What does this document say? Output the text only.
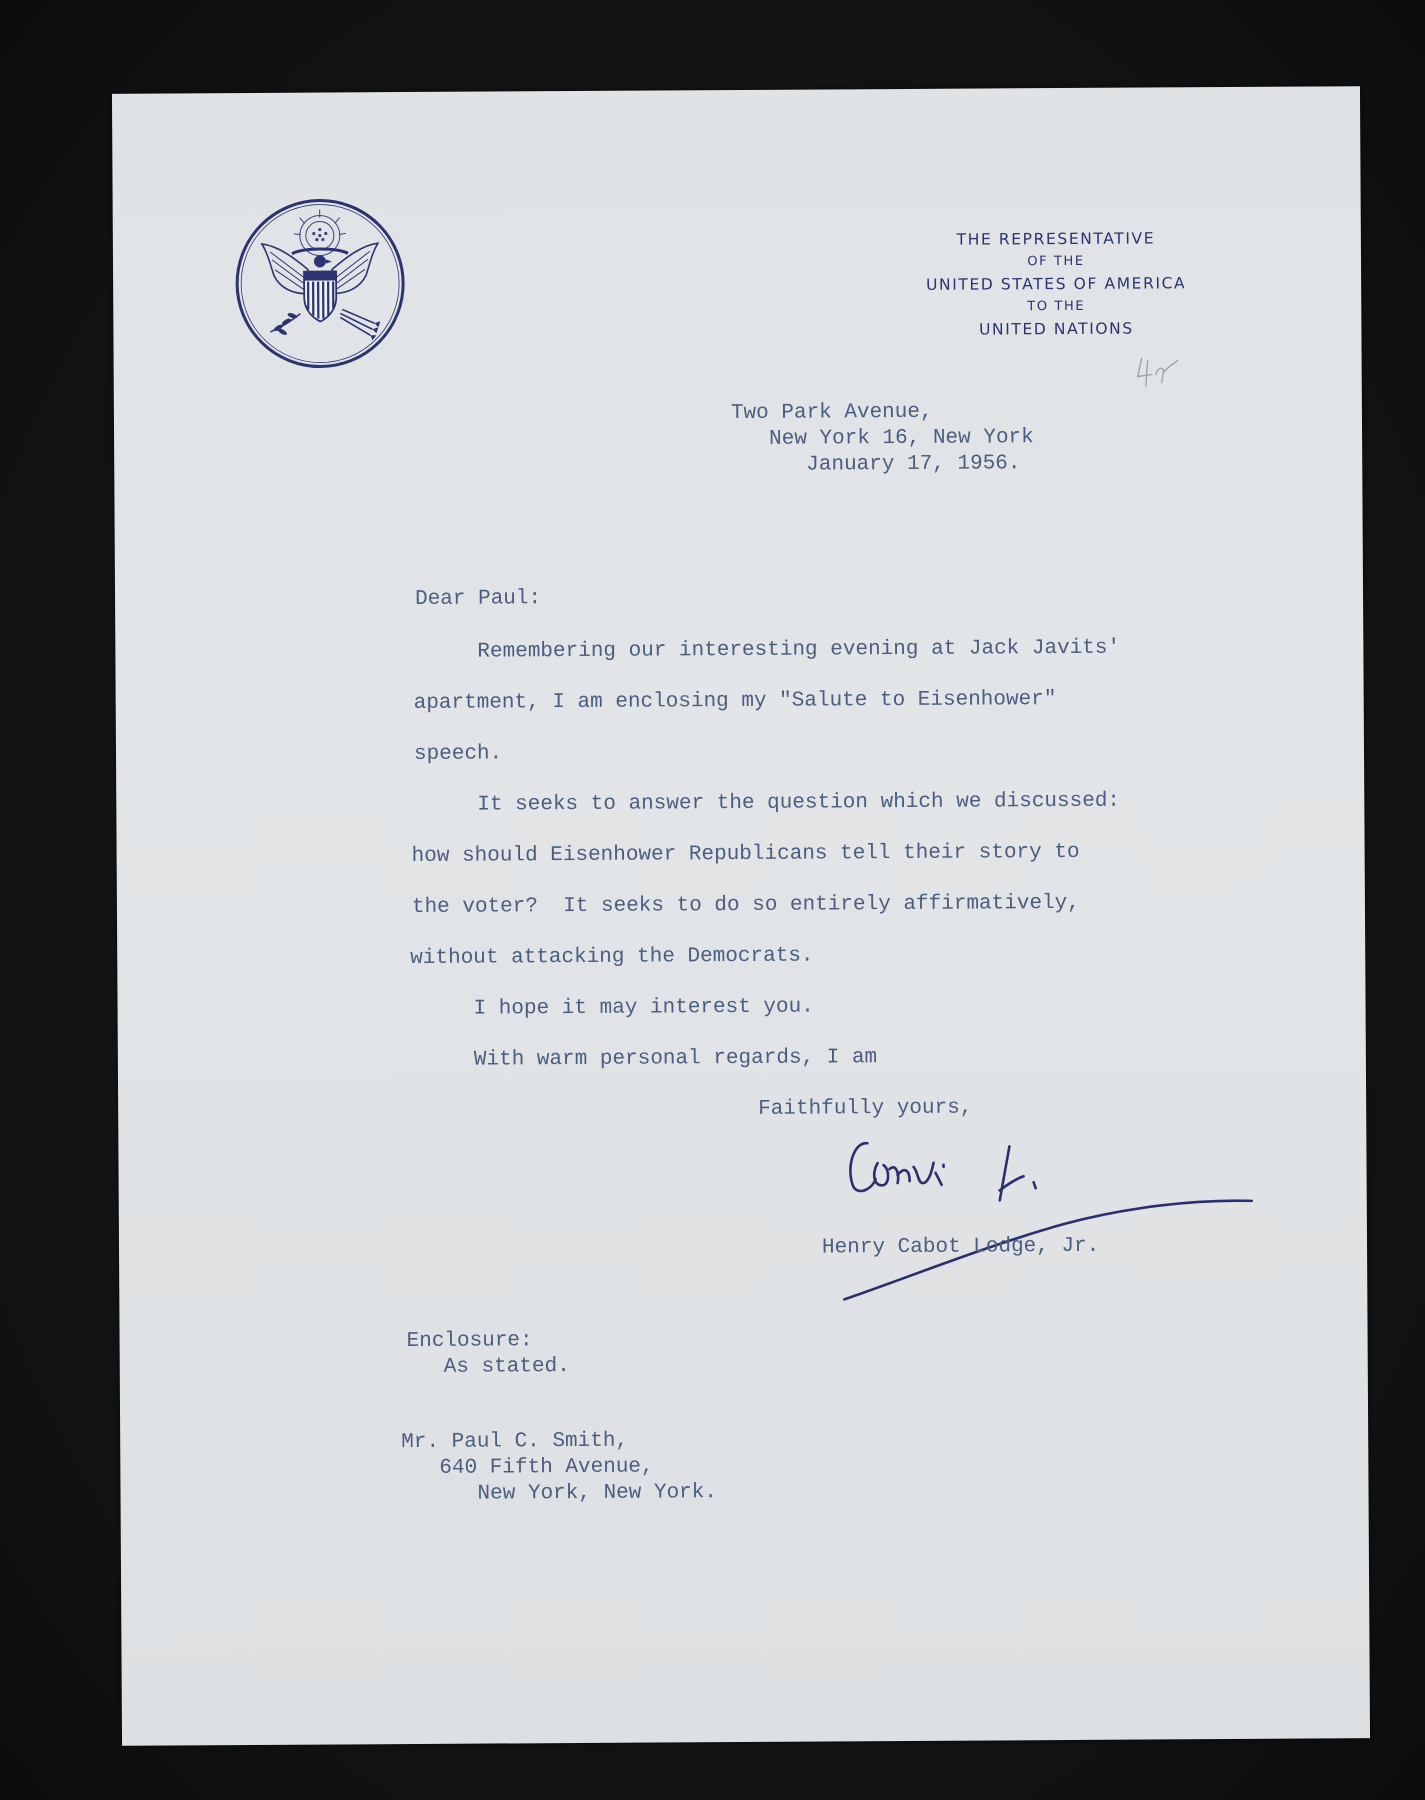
THE REPRESENTATIVE
OF THE
UNITED STATES OF AMERICA
TO THE
UNITED NATIONS
Two Park Avenue,
New York 16, New York
January 17, 1956.
Dear Paul:
Remembering our interesting evening at Jack Javits'
apartment, I am enclosing my "Salute to Eisenhower"
speech.
It seeks to answer the question which we discussed:
how should Eisenhower Republicans tell their story to
the voter?  It seeks to do so entirely affirmatively,
without attacking the Democrats.
I hope it may interest you.
With warm personal regards, I am
Faithfully yours,
Henry Cabot Lodge, Jr.
Enclosure:
As stated.
Mr. Paul C. Smith,
640 Fifth Avenue,
New York, New York.
